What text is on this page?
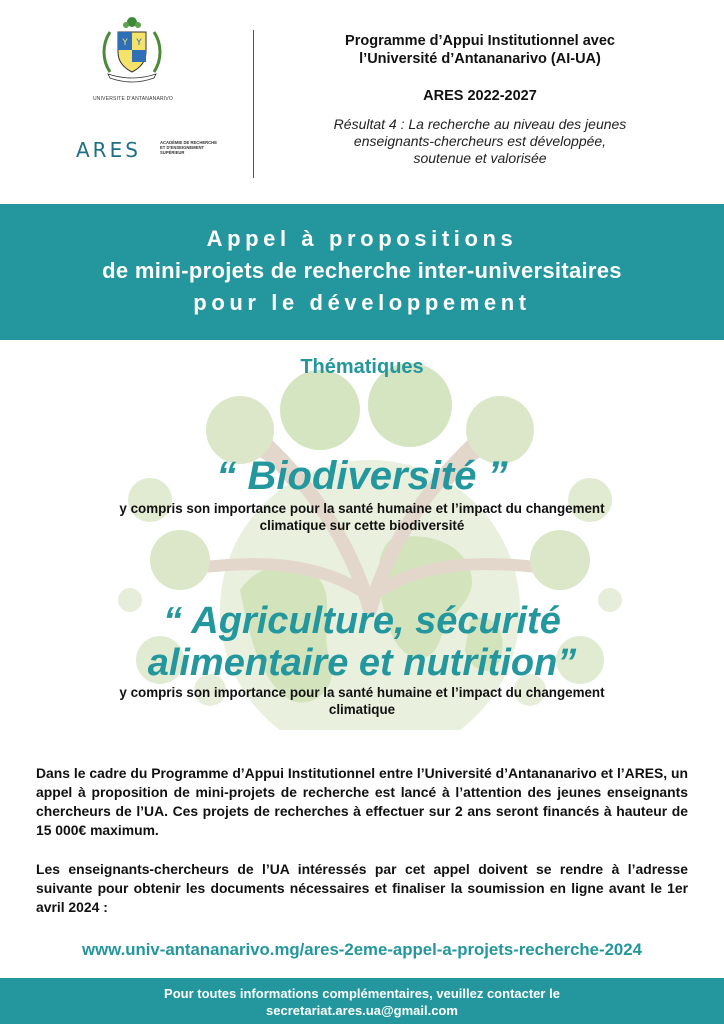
Y Y
UNIVERSITE D'ANTANANARIVO
ARES	ACADÉMIE DE RECHERCHE ET D'ENSEIGNEMENT SUPÉRIEUR

Programme d’Appui Institutionnel avec
l’Université d’Antananarivo (AI-UA)

ARES 2022-2027

Résultat 4 : La recherche au niveau des jeunes
enseignants-chercheurs est développée,
soutenue et valorisée

Appel à propositions
de mini-projets de recherche inter-universitaires
pour le développement
Thématiques
“ Biodiversité ”
y compris son importance pour la santé humaine et l’impact du changement
climatique sur cette biodiversité
“ Agriculture, sécurité
alimentaire et nutrition”
y compris son importance pour la santé humaine et l’impact du changement
climatique
Dans le cadre du Programme d’Appui Institutionnel entre l’Université d’Antananarivo et l’ARES, un appel à proposition de mini-projets de recherche est lancé à l’attention des jeunes enseignants chercheurs de l’UA. Ces projets de recherches à effectuer sur 2 ans seront financés à hauteur de 15 000€ maximum.
Les enseignants-chercheurs de l’UA intéressés par cet appel doivent se rendre à l’adresse suivante pour obtenir les documents nécessaires et finaliser la soumission en ligne avant le 1er avril 2024 :
www.univ-antananarivo.mg/ares-2eme-appel-a-projets-recherche-2024
Pour toutes informations complémentaires, veuillez contacter le
secretariat.ares.ua@gmail.com
